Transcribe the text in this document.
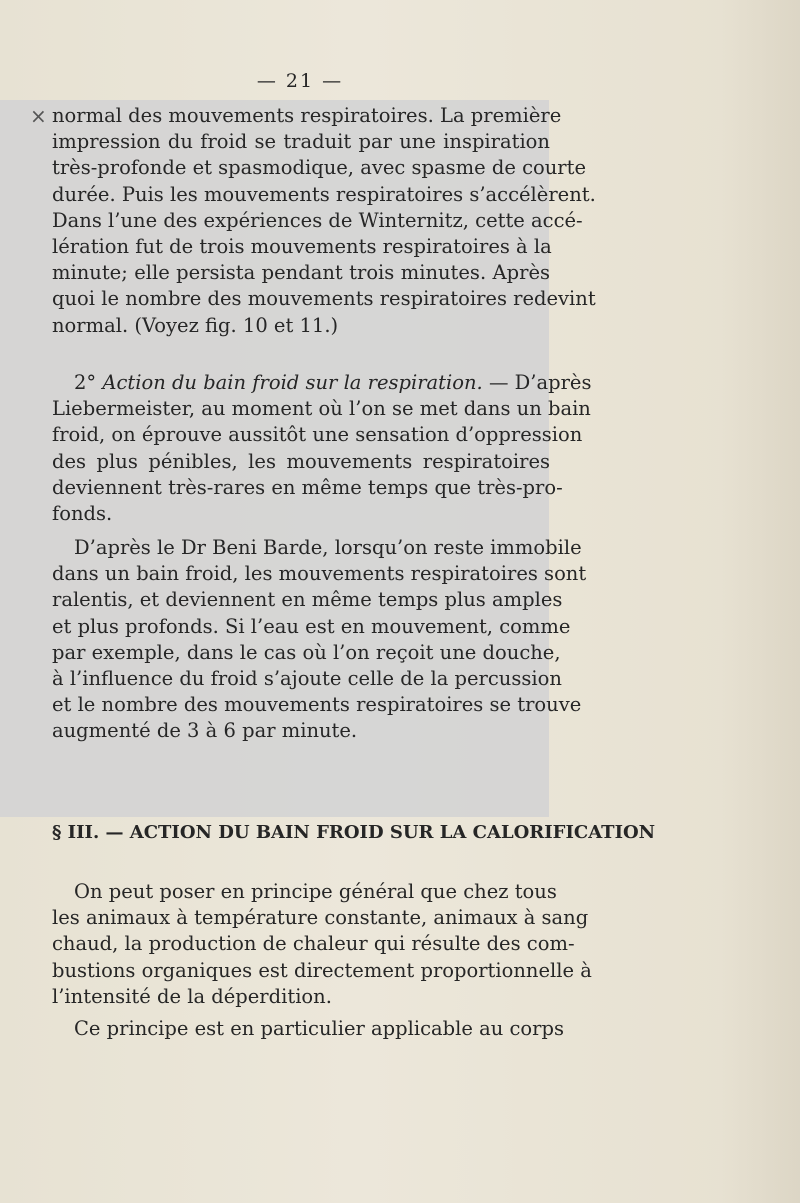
— 21 —
× normal des mouvements respiratoires. La première
impression du froid se traduit par une inspiration
très-profonde et spasmodique, avec spasme de courte
durée. Puis les mouvements respiratoires s’accélèrent.
Dans l’une des expériences de Winternitz, cette accé-
lération fut de trois mouvements respiratoires à la
minute; elle persista pendant trois minutes. Après
quoi le nombre des mouvements respiratoires redevint
normal. (Voyez fig. 10 et 11.)
2° Action du bain froid sur la respiration. — D’après
Liebermeister, au moment où l’on se met dans un bain
froid, on éprouve aussitôt une sensation d’oppression
des plus pénibles, les mouvements respiratoires
deviennent très-rares en même temps que très-pro-
fonds.
D’après le Dr Beni Barde, lorsqu’on reste immobile
dans un bain froid, les mouvements respiratoires sont
ralentis, et deviennent en même temps plus amples
et plus profonds. Si l’eau est en mouvement, comme
par exemple, dans le cas où l’on reçoit une douche,
à l’influence du froid s’ajoute celle de la percussion
et le nombre des mouvements respiratoires se trouve
augmenté de 3 à 6 par minute.
§ III. — ACTION DU BAIN FROID SUR LA CALORIFICATION
On peut poser en principe général que chez tous
les animaux à température constante, animaux à sang
chaud, la production de chaleur qui résulte des com-
bustions organiques est directement proportionnelle à
l’intensité de la déperdition.
Ce principe est en particulier applicable au corps
